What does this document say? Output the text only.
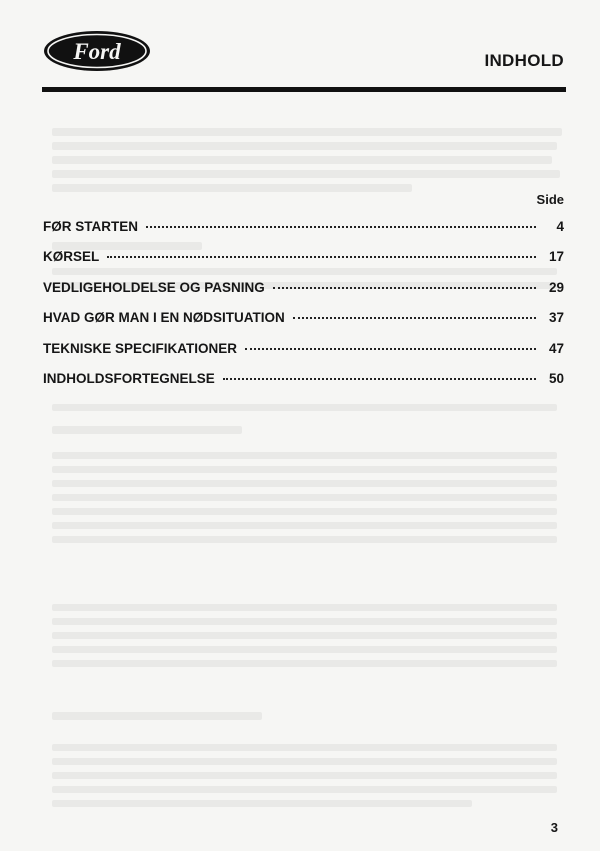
Ford	INDHOLD
Side
FØR STARTEN	4
KØRSEL	17
VEDLIGEHOLDELSE OG PASNING	29
HVAD GØR MAN I EN NØDSITUATION	37
TEKNISKE SPECIFIKATIONER	47
INDHOLDSFORTEGNELSE	50
3
